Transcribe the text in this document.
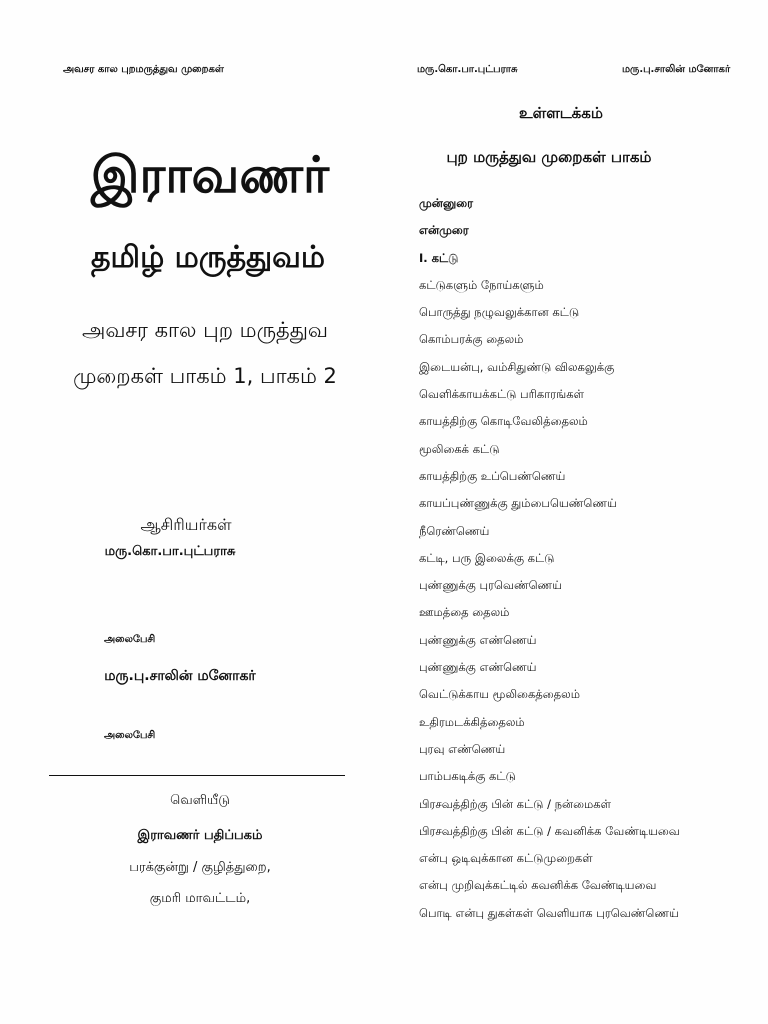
அவசர கால புறமருத்துவ முறைகள்	மரு.கொ.பா.புட்பராசு	மரு.பு.சாலின் மனோகர்
இராவணர்
தமிழ் மருத்துவம்
அவசர கால புற மருத்துவ
முறைகள் பாகம் 1, பாகம் 2
ஆசிரியர்கள்
மரு.கொ.பா.புட்பராசு
அலைபேசி
மரு.பு.சாலின் மனோகர்
அலைபேசி
வெளியீடு
இராவணர் பதிப்பகம்
பரக்குன்று / குழித்துறை,
குமரி மாவட்டம்,
உள்ளடக்கம்
புற மருத்துவ முறைகள் பாகம்
முன்னுரை
என்முரை
I. கட்டு
கட்டுகளும் நோய்களும்
பொருத்து நழுவலுக்கான கட்டு
கொம்பரக்கு தைலம்
இடையன்பு, வம்சிதுண்டு விலகலுக்கு
வெளிக்காயக்கட்டு பரிகாரங்கள்
காயத்திற்கு கொடிவேலித்தைலம்
மூலிகைக் கட்டு
காயத்திற்கு உப்பெண்ணெய்
காயப்புண்ணுக்கு தும்பையெண்ணெய்
நீரெண்ணெய்
கட்டி, பரு இலைக்கு கட்டு
புண்ணுக்கு புரவெண்ணெய்
ஊமத்தை தைலம்
புண்ணுக்கு எண்ணெய்
புண்ணுக்கு எண்ணெய்
வெட்டுக்காய மூலிகைத்தைலம்
உதிரமடக்கித்தைலம்
புரவு எண்ணெய்
பாம்பகடிக்கு கட்டு
பிரசவத்திற்கு பின் கட்டு / நன்மைகள்
பிரசவத்திற்கு பின் கட்டு / கவனிக்க வேண்டியவை
என்பு ஒடிவுக்கான கட்டுமுறைகள்
என்பு முறிவுக்கட்டில் கவனிக்க வேண்டியவை
பொடி என்பு துகள்கள் வெளியாக புரவெண்ணெய்
